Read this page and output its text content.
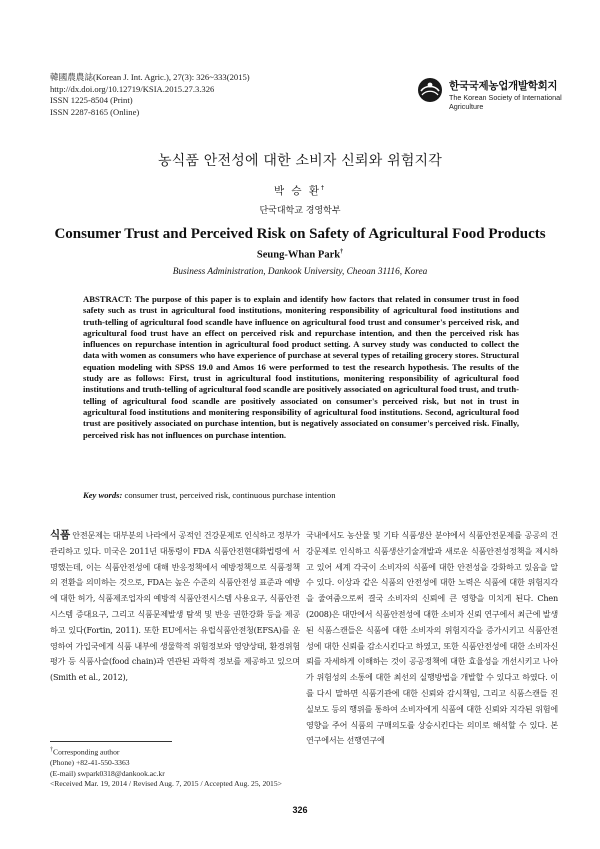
韓國農農誌(Korean J. Int. Agric.), 27(3): 326~333(2015)
http://dx.doi.org/10.12719/KSIA.2015.27.3.326
ISSN 1225-8504 (Print)
ISSN 2287-8165 (Online)
한국국제농업개발학회지
The Korean Society of International
Agriculture
농식품 안전성에 대한 소비자 신뢰와 위험지각
박 승 환†
단국대학교 경영학부
Consumer Trust and Perceived Risk on Safety of Agricultural Food Products
Seung-Whan Park†
Business Administration, Dankook University, Cheoan 31116, Korea
ABSTRACT: The purpose of this paper is to explain and identify how factors that related in consumer trust in food safety such as trust in agricultural food institutions, monitering responsibility of agricultural food institutions and truth-telling of agricultural food scandle have influence on agricultural food trust and consumer's perceived risk, and agricultural food trust have an effect on perceived risk and repurchase intention, and then the perceived risk has influences on repurchase intention in agricultural food product setting. A survey study was conducted to collect the data with women as consumers who have experience of purchase at several types of retailing grocery stores. Structural equation modeling with SPSS 19.0 and Amos 16 were performed to test the research hypothesis. The results of the study are as follows: First, trust in agricultural food institutions, monitering responsibility of agricultural food institutions and truth-telling of agricultural food scandle are positively associated on agricultural food trust, and truth-telling of agricultural food scandle are positively associated on consumer's perceived risk, but not in trust in agricultural food institutions and monitering responsibility of agricultural food institutions. Second, agricultural food trust are positively associated on purchase intention, but is negatively associated on consumer's perceived risk. Finally, perceived risk has not influences on purchase intention.
Key words: consumer trust, perceived risk, continuous purchase intention
식품 안전문제는 대부분의 나라에서 공적인 건강문제로 인식하고 정부가 관리하고 있다. 미국은 2011년 대통령이 FDA 식품안전현대화법령에 서명했는데, 이는 식품안전성에 대해 반응정책에서 예방정책으로 식품정책의 전환을 의미하는 것으로, FDA는 높은 수준의 식품안전성 표준과 예방에 대한 허가, 식품제조업자의 예방적 식품안전시스템 사용요구, 식품안전시스템 증대요구, 그리고 식품문제발생 탐색 및 반응 권한강화 등을 제공하고 있다(Fortin, 2011). 또한 EU에서는 유럽식품안전청(EFSA)를 운영하여 가입국에게 식품 내부에 생물학적 위험정보와 영양상태, 환경위험평가 등 식품사슬(food chain)과 연관된 과학적 정보를 제공하고 있으며(Smith et al., 2012),
국내에서도 농산물 및 기타 식품생산 분야에서 식품안전문제를 공공의 건강문제로 인식하고 식품생산기술개발과 새로운 식품안전성정책을 제시하고 있어 세계 각국이 소비자의 식품에 대한 안전성을 강화하고 있음을 알 수 있다. 이상과 같은 식품의 안전성에 대한 노력은 식품에 대한 위험지각을 줄여줌으로써 결국 소비자의 신뢰에 큰 영향을 미치게 된다. Chen (2008)은 대만에서 식품안전성에 대한 소비자 신뢰 연구에서 최근에 발생된 식품스캔들은 식품에 대한 소비자의 위험지각을 증가시키고 식품안전성에 대한 신뢰를 감소시킨다고 하였고, 또한 식품안전성에 대한 소비자신뢰를 자세하게 이해하는 것이 공공정책에 대한 효율성을 개선시키고 나아가 위험성의 소통에 대한 최선의 실행방법을 개발할 수 있다고 하였다. 이를 다시 말하면 식품기관에 대한 신뢰와 감시책임, 그리고 식품스캔들 진실보도 등의 행위를 통하여 소비자에게 식품에 대한 신뢰와 지각된 위험에 영향을 주어 식품의 구매의도를 상승시킨다는 의미로 해석할 수 있다. 본 연구에서는 선행연구에
†Corresponding author
(Phone) +82-41-550-3363
(E-mail) swpark0318@dankook.ac.kr
<Received Mar. 19, 2014 / Revised Aug. 7, 2015 / Accepted Aug. 25, 2015>
326
